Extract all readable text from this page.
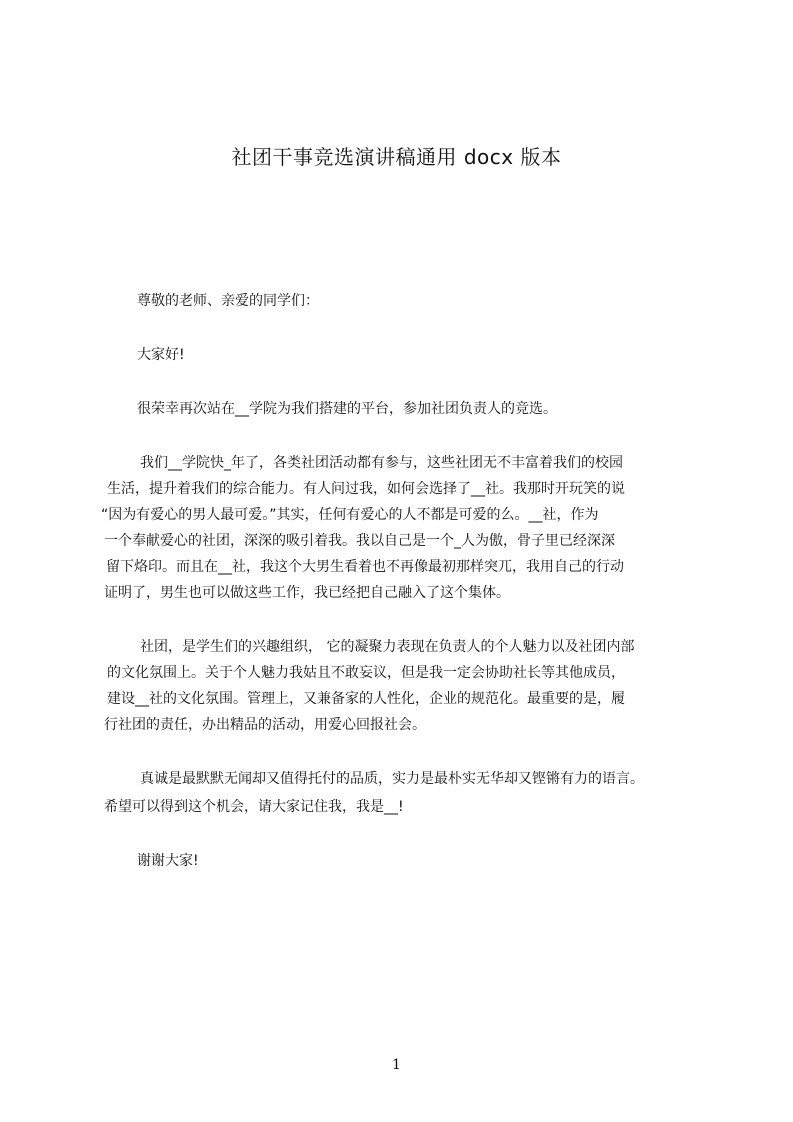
社团干事竞选演讲稿通用 docx 版本
尊敬的老师、亲爱的同学们：
大家好!
很荣幸再次站在__学院为我们搭建的平台，参加社团负责人的竞选。
我们__学院快_年了，各类社团活动都有参与，这些社团无不丰富着我们的校园
生活，提升着我们的综合能力。有人问过我，如何会选择了__社。我那时开玩笑的说
“因为有爱心的男人最可爱。”其实，任何有爱心的人不都是可爱的么。__社，作为
一个奉献爱心的社团，深深的吸引着我。我以自己是一个_人为傲，骨子里已经深深
留下烙印。而且在__社，我这个大男生看着也不再像最初那样突兀，我用自己的行动
证明了，男生也可以做这些工作，我已经把自己融入了这个集体。
社团，是学生们的兴趣组织， 它的凝聚力表现在负责人的个人魅力以及社团内部
的文化氛围上。关于个人魅力我姑且不敢妄议，但是我一定会协助社长等其他成员，
建设__社的文化氛围。管理上，又兼备家的人性化，企业的规范化。最重要的是，履
行社团的责任，办出精品的活动，用爱心回报社会。
真诚是最默默无闻却又值得托付的品质，实力是最朴实无华却又铿锵有力的语言。
希望可以得到这个机会，请大家记住我，我是__!
谢谢大家!
1
